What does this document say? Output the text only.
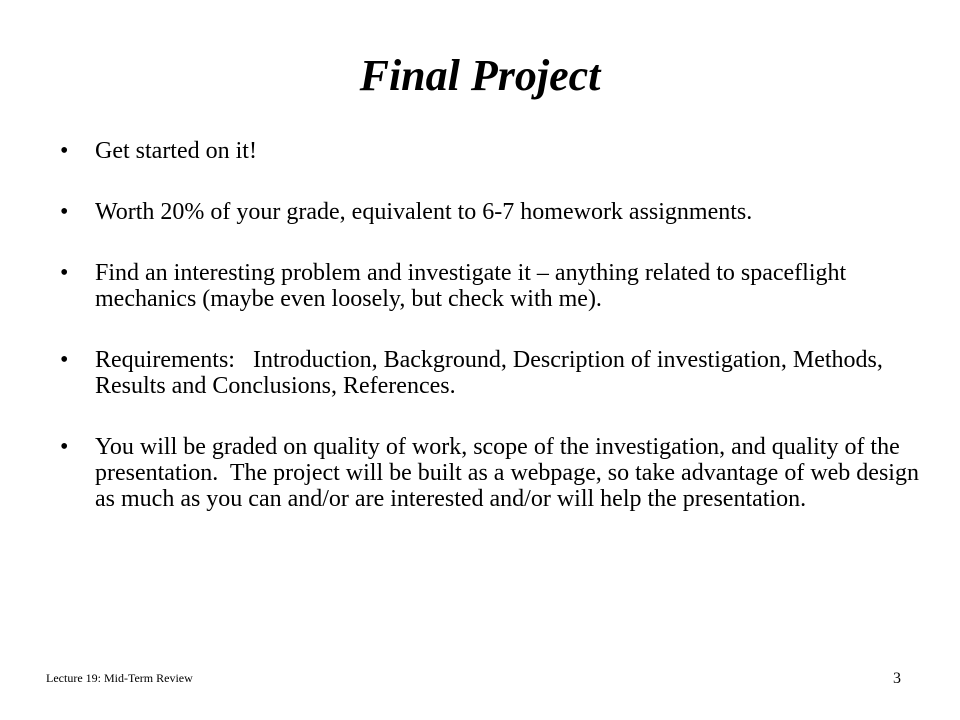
Final Project
• Get started on it!
• Worth 20% of your grade, equivalent to 6-7 homework assignments.
• Find an interesting problem and investigate it – anything related to spaceflight mechanics (maybe even loosely, but check with me).
• Requirements:   Introduction, Background, Description of investigation, Methods, Results and Conclusions, References.
• You will be graded on quality of work, scope of the investigation, and quality of the presentation.  The project will be built as a webpage, so take advantage of web design as much as you can and/or are interested and/or will help the presentation.
Lecture 19: Mid-Term Review	3
